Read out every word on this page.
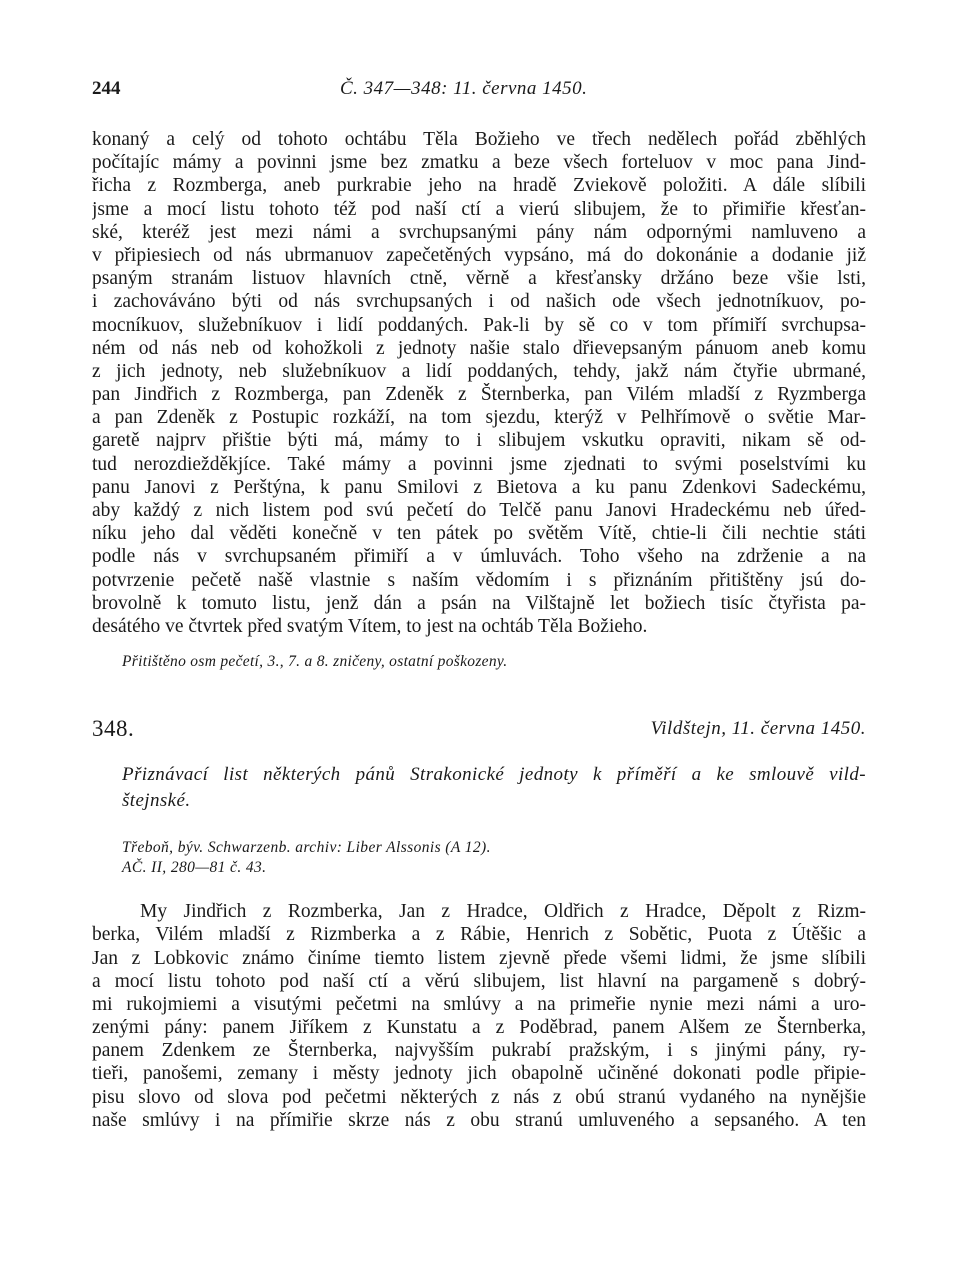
244	Č. 347—348: 11. června 1450.
konaný a celý od tohoto ochtábu Těla Božieho ve třech nedělech pořád zběhlých
počítajíc mámy a povinni jsme bez zmatku a beze všech forteluov v moc pana Jind-
řicha z Rozmberga, aneb purkrabie jeho na hradě Zviekově položiti. A dále slíbili
jsme a mocí listu tohoto též pod naší ctí a vierú slibujem, že to přimiřie křesťan-
ské, kteréž jest mezi námi a svrchupsanými pány nám odpornými namluveno a
v připiesiech od nás ubrmanuov zapečetěných vypsáno, má do dokonánie a dodanie již
psaným stranám listuov hlavních ctně, věrně a křesťansky držáno beze všie lsti,
i zachováváno býti od nás svrchupsaných i od našich ode všech jednotníkuov, po-
mocníkuov, služebníkuov i lidí poddaných. Pak-li by sě co v tom přímiří svrchupsa-
ném od nás neb od kohožkoli z jednoty našie stalo dřievepsaným pánuom aneb komu
z jich jednoty, neb služebníkuov a lidí poddaných, tehdy, jakž nám čtyřie ubrmané,
pan Jindřich z Rozmberga, pan Zdeněk z Šternberka, pan Vilém mladší z Ryzmberga
a pan Zdeněk z Postupic rozkáží, na tom sjezdu, kterýž v Pelhřímově o světie Mar-
garetě najprv přištie býti má, mámy to i slibujem vskutku opraviti, nikam sě od-
tud nerozdiežděkjíce. Také mámy a povinni jsme zjednati to svými poselstvími ku
panu Janovi z Perštýna, k panu Smilovi z Bietova a ku panu Zdenkovi Sadeckému,
aby každý z nich listem pod svú pečetí do Telčě panu Janovi Hradeckému neb úřed-
níku jeho dal věděti konečně v ten pátek po světěm Vítě, chtie-li čili nechtie státi
podle nás v svrchupsaném přimiří a v úmluvách. Toho všeho na zdrženie a na
potvrzenie pečetě našě vlastnie s naším vědomím i s přiznáním přitištěny jsú do-
brovolně k tomuto listu, jenž dán a psán na Vilštajně let božiech tisíc čtyřista pa-
desátého ve čtvrtek před svatým Vítem, to jest na ochtáb Těla Božieho.
Přitištěno osm pečetí, 3., 7. a 8. zničeny, ostatní poškozeny.
348.	Vildštejn, 11. června 1450.
Přiznávací list některých pánů Strakonické jednoty k příměří a ke smlouvě vild-
štejnské.
Třeboň, býv. Schwarzenb. archiv: Liber Alssonis (A 12).
AČ. II, 280—81 č. 43.
My Jindřich z Rozmberka, Jan z Hradce, Oldřich z Hradce, Děpolt z Rizm-
berka, Vilém mladší z Rizmberka a z Rábie, Henrich z Sobětic, Puota z Útěšic a
Jan z Lobkovic známo činíme tiemto listem zjevně přede všemi lidmi, že jsme slíbili
a mocí listu tohoto pod naší ctí a věrú slibujem, list hlavní na pargameně s dobrý-
mi rukojmiemi a visutými pečetmi na smlúvy a na primeřie nynie mezi námi a uro-
zenými pány: panem Jiříkem z Kunstatu a z Poděbrad, panem Alšem ze Šternberka,
panem Zdenkem ze Šternberka, najvyšším pukrabí pražským, i s jinými pány, ry-
tieři, panošemi, zemany i městy jednoty jich obapolně učiněné dokonati podle připie-
pisu slovo od slova pod pečetmi některých z nás z obú stranú vydaného na nynějšie
naše smlúvy i na přímiřie skrze nás z obu stranú umluveného a sepsaného. A ten
